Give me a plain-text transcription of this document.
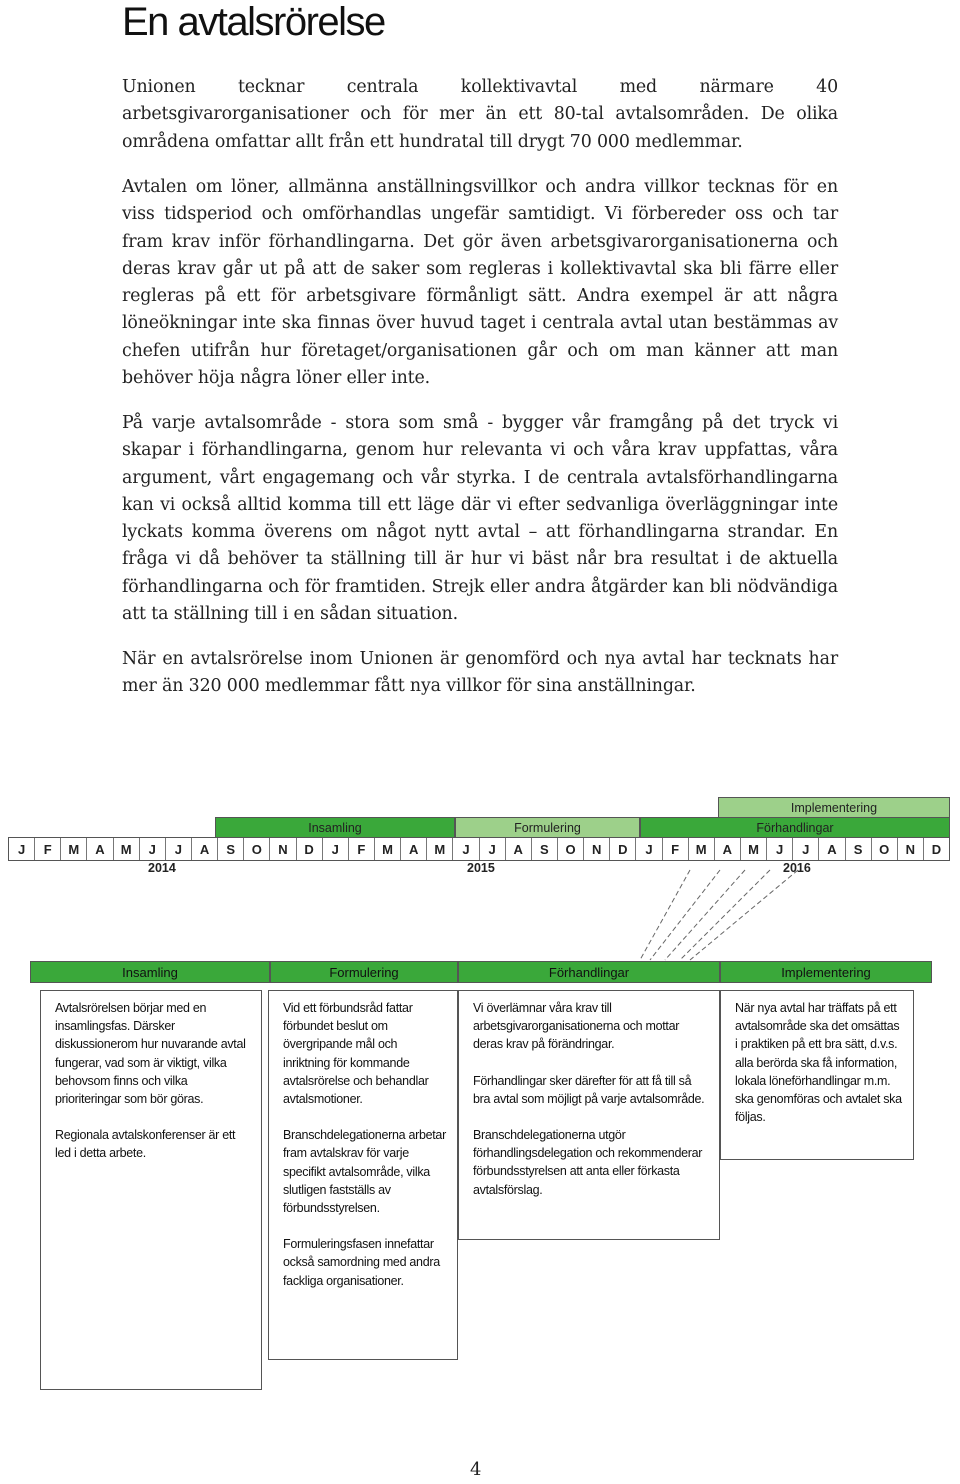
En avtalsrörelse

Unionen tecknar centrala kollektivavtal med närmare 40 arbetsgivarorganisationer och för mer än ett 80-tal avtalsområden. De olika områdena omfattar allt från ett hundratal till drygt 70 000 medlemmar.

Avtalen om löner, allmänna anställningsvillkor och andra villkor tecknas för en viss tidsperiod och omförhandlas ungefär samtidigt. Vi förbereder oss och tar fram krav inför förhandlingarna. Det gör även arbetsgivarorganisationerna och deras krav går ut på att de saker som regleras i kollektivavtal ska bli färre eller regleras på ett för arbetsgivare förmånligt sätt. Andra exempel är att några löneökningar inte ska finnas över huvud taget i centrala avtal utan bestämmas av chefen utifrån hur företaget/organisationen går och om man känner att man behöver höja några löner eller inte.

På varje avtalsområde - stora som små - bygger vår framgång på det tryck vi skapar i förhandlingarna, genom hur relevanta vi och våra krav uppfattas, våra argument, vårt engagemang och vår styrka. I de centrala avtalsförhandlingarna kan vi också alltid komma till ett läge där vi efter sedvanliga överläggningar inte lyckats komma överens om något nytt avtal – att förhandlingarna strandar. En fråga vi då behöver ta ställning till är hur vi bäst når bra resultat i de aktuella förhandlingarna och för framtiden. Strejk eller andra åtgärder kan bli nödvändiga att ta ställning till i en sådan situation.

När en avtalsrörelse inom Unionen är genomförd och nya avtal har tecknats har mer än 320 000 medlemmar fått nya villkor för sina anställningar.

Implementering
Insamling	Formulering	Förhandlingar
J	F	M	A	M	J	J	A	S	O	N	D	J	F	M	A	M	J	J	A	S	O	N	D	J	F	M	A	M	J	J	A	S	O	N	D
2014	2015	2016
Insamling	Formulering	Förhandlingar	Implementering

Avtalsrörelsen börjar med en insamlingsfas. Därsker diskussionerom hur nuvarande avtal fungerar, vad som är viktigt, vilka behovsom finns och vilka prioriteringar som bör göras.

Regionala avtalskonferenser är ett led i detta arbete.

Vid ett förbundsråd fattar förbundet beslut om övergripande mål och inriktning för kommande avtalsrörelse och behandlar avtalsmotioner.

Branschdelegationerna arbetar fram avtalskrav för varje specifikt avtalsområde, vilka slutligen fastställs av förbundsstyrelsen.

Formuleringsfasen innefattar också samordning med andra fackliga organisationer.

Vi överlämnar våra krav till arbetsgivarorganisationerna och mottar deras krav på förändringar.

Förhandlingar sker därefter för att få till så bra avtal som möjligt på varje avtalsområde.

Branschdelegationerna utgör förhandlingsdelegation och rekommenderar förbundsstyrelsen att anta eller förkasta avtalsförslag.

När nya avtal har träffats på ett avtalsområde ska det omsättas i praktiken på ett bra sätt, d.v.s. alla berörda ska få information, lokala löneförhandlingar m.m. ska genomföras och avtalet ska följas.

4
